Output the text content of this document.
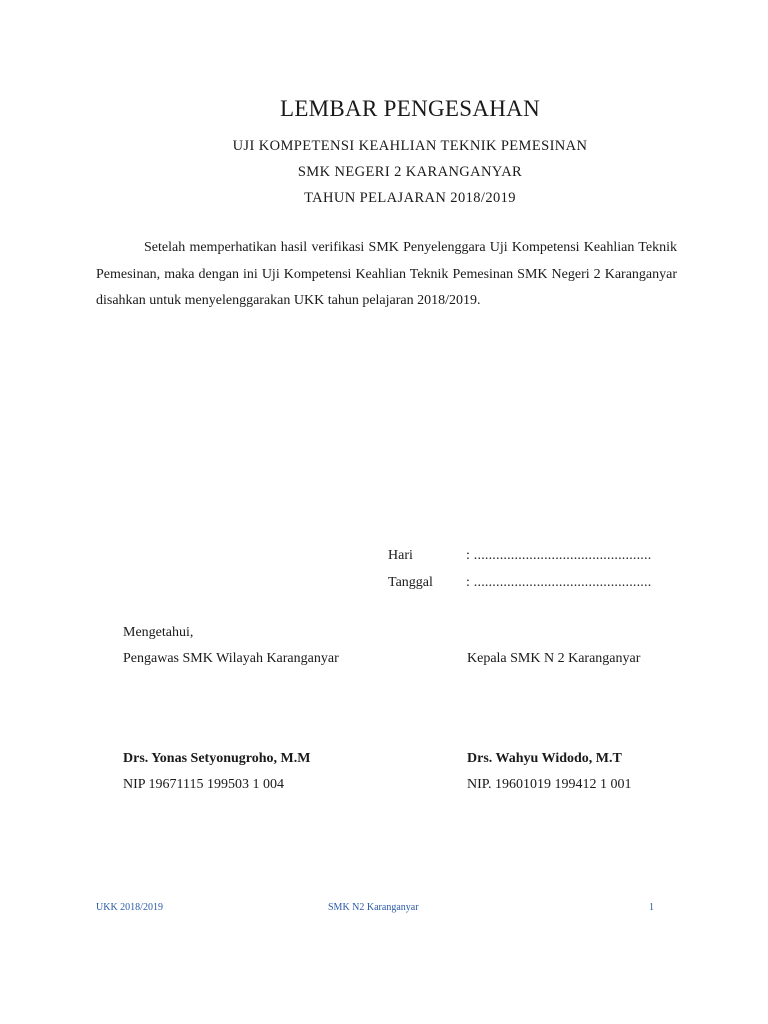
LEMBAR PENGESAHAN
UJI KOMPETENSI KEAHLIAN TEKNIK PEMESINAN
SMK NEGERI 2 KARANGANYAR
TAHUN PELAJARAN 2018/2019

Setelah memperhatikan hasil verifikasi SMK Penyelenggara Uji Kompetensi Keahlian Teknik Pemesinan, maka dengan ini Uji Kompetensi Keahlian Teknik Pemesinan SMK Negeri 2 Karanganyar disahkan untuk menyelenggarakan UKK tahun pelajaran 2018/2019.

Hari	: ................................................
Tanggal	: ................................................
Mengetahui,
Pengawas SMK Wilayah Karanganyar	Kepala SMK N 2 Karanganyar
Drs. Yonas Setyonugroho, M.M	Drs. Wahyu Widodo, M.T
NIP 19671115 199503 1 004	NIP. 19601019 199412 1 001
UKK 2018/2019	SMK N2 Karanganyar	1
